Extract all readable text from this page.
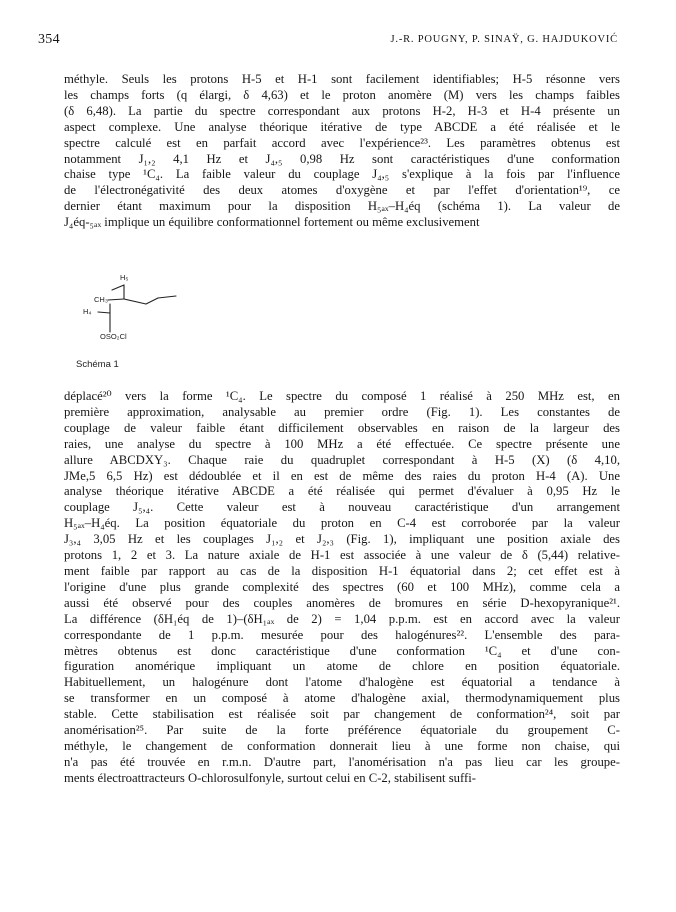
354	J.-R. POUGNY, P. SINAŸ, G. HAJDUKOVIĆ

méthyle. Seuls les protons H-5 et H-1 sont facilement identifiables; H-5 résonne vers

les champs forts (q élargi, δ 4,63) et le proton anomère (M) vers les champs faibles

(δ 6,48). La partie du spectre correspondant aux protons H-2, H-3 et H-4 présente un

aspect complexe. Une analyse théorique itérative de type ABCDE a été réalisée et le

spectre calculé est en parfait accord avec l'expérience²³. Les paramètres obtenus est

notamment J₁,₂ 4,1 Hz et J₄,₅ 0,98 Hz sont caractéristiques d'une conformation

chaise type ¹C₄. La faible valeur du couplage J₄,₅ s'explique à la fois par l'influence

de l'électronégativité des deux atomes d'oxygène et par l'effet d'orientation¹⁹, ce

dernier étant maximum pour la disposition H₅ₐₓ–H₄éq (schéma 1). La valeur de

J₄éq-₅ₐₓ implique un équilibre conformationnel fortement ou même exclusivement

H₅
CH₃
H₄
OSO₂Cl
Schéma 1

déplacé²⁰ vers la forme ¹C₄. Le spectre du composé 1 réalisé à 250 MHz est, en

première approximation, analysable au premier ordre (Fig. 1). Les constantes de

couplage de valeur faible étant difficilement observables en raison de la largeur des

raies, une analyse du spectre à 100 MHz a été effectuée. Ce spectre présente une

allure ABCDXY₃. Chaque raie du quadruplet correspondant à H-5 (X) (δ 4,10,

JMe,5 6,5 Hz) est dédoublée et il en est de même des raies du proton H-4 (A). Une

analyse théorique itérative ABCDE a été réalisée qui permet d'évaluer à 0,95 Hz le

couplage J₅,₄. Cette valeur est à nouveau caractéristique d'un arrangement

H₅ₐₓ–H₄éq. La position équatoriale du proton en C-4 est corroborée par la valeur

J₃,₄ 3,05 Hz et les couplages J₁,₂ et J₂,₃ (Fig. 1), impliquant une position axiale des

protons 1, 2 et 3. La nature axiale de H-1 est associée à une valeur de δ (5,44) relative-

ment faible par rapport au cas de la disposition H-1 équatorial dans 2; cet effet est à

l'origine d'une plus grande complexité des spectres (60 et 100 MHz), comme cela a

aussi été observé pour des couples anomères de bromures en série D-hexopyranique²¹.

La différence (δH₁éq de 1)–(δH₁ₐₓ de 2) = 1,04 p.p.m. est en accord avec la valeur

correspondante de 1 p.p.m. mesurée pour des halogénures²². L'ensemble des para-

mètres obtenus est donc caractéristique d'une conformation ¹C₄ et d'une con-

figuration anomérique impliquant un atome de chlore en position équatoriale.

Habituellement, un halogénure dont l'atome d'halogène est équatorial a tendance à

se transformer en un composé à atome d'halogène axial, thermodynamiquement plus

stable. Cette stabilisation est réalisée soit par changement de conformation²⁴, soit par

anomérisation²⁵. Par suite de la forte préférence équatoriale du groupement C-

méthyle, le changement de conformation donnerait lieu à une forme non chaise, qui

n'a pas été trouvée en r.m.n. D'autre part, l'anomérisation n'a pas lieu car les groupe-

ments électroattracteurs O-chlorosulfonyle, surtout celui en C-2, stabilisent suffi-
